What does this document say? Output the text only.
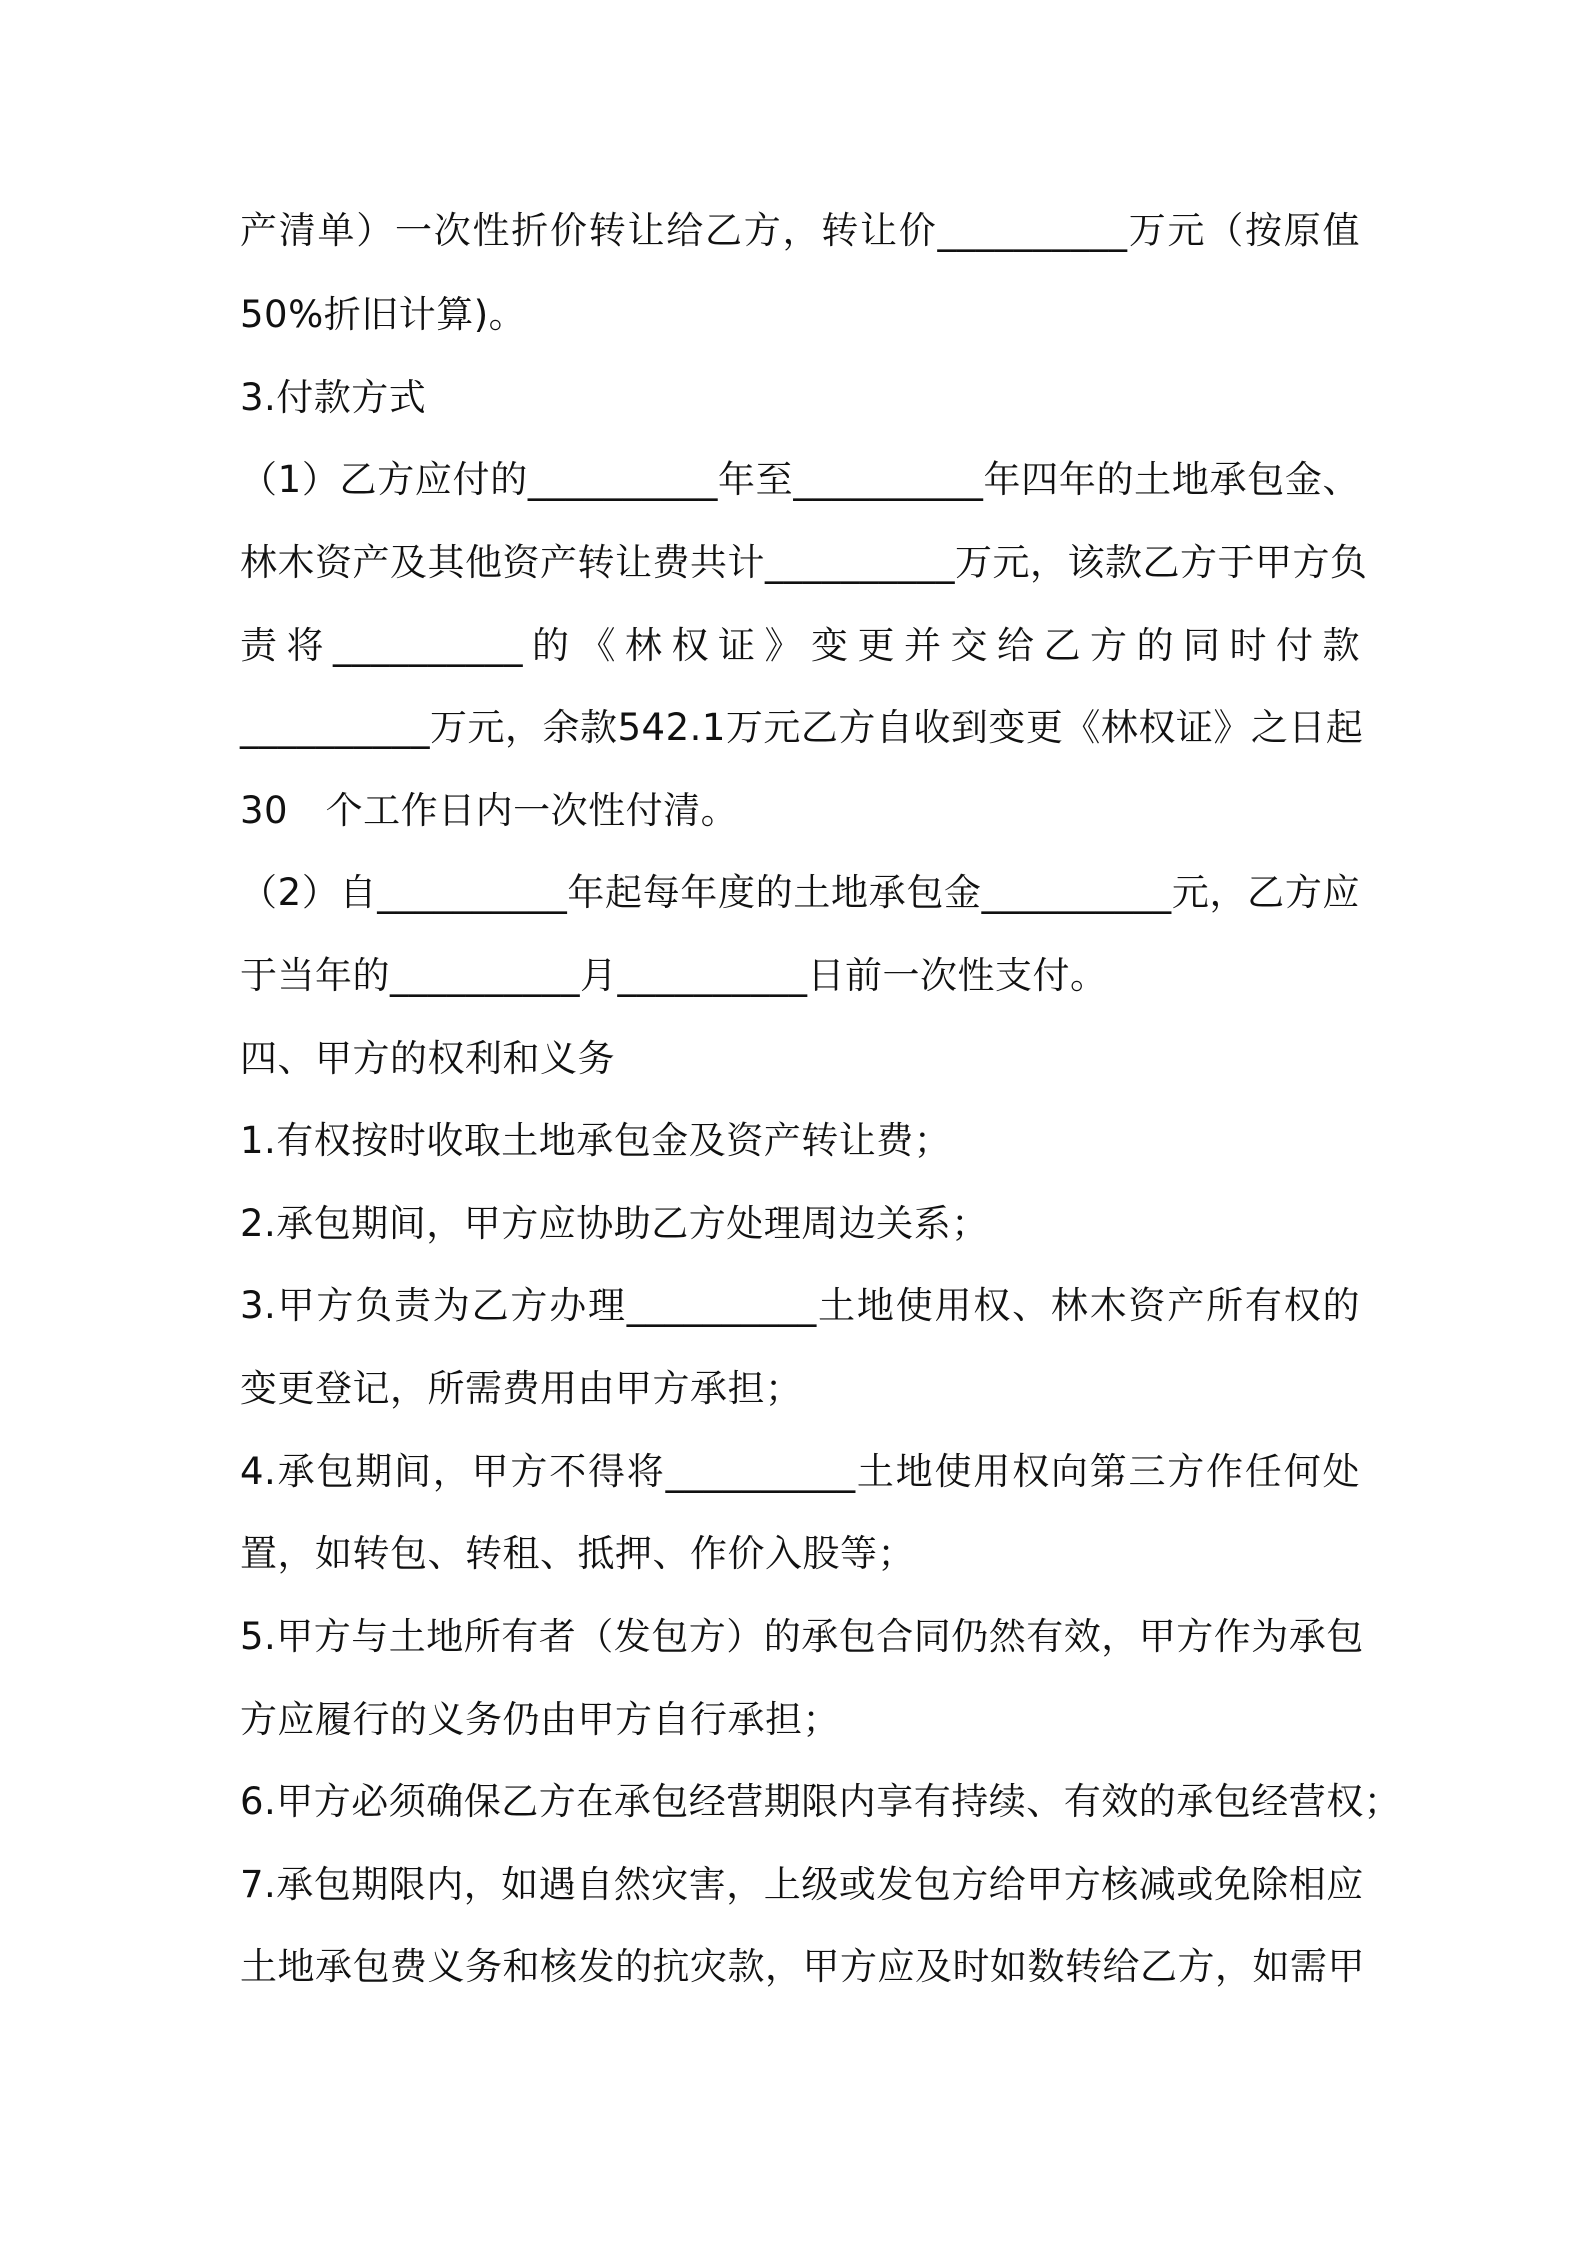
产清单）一次性折价转让给乙方，转让价__________万元（按原值
50%折旧计算)。
3.付款方式
（1）乙方应付的__________年至__________年四年的土地承包金、
林木资产及其他资产转让费共计__________万元，该款乙方于甲方负
责将__________的《林权证》变更并交给乙方的同时付款
__________万元，余款542.1万元乙方自收到变更《林权证》之日起
30　个工作日内一次性付清。
（2）自__________年起每年度的土地承包金__________元，乙方应
于当年的__________月__________日前一次性支付。
四、甲方的权利和义务
1.有权按时收取土地承包金及资产转让费；
2.承包期间，甲方应协助乙方处理周边关系；
3.甲方负责为乙方办理__________土地使用权、林木资产所有权的
变更登记，所需费用由甲方承担；
4.承包期间，甲方不得将__________土地使用权向第三方作任何处
置，如转包、转租、抵押、作价入股等；
5.甲方与土地所有者（发包方）的承包合同仍然有效，甲方作为承包
方应履行的义务仍由甲方自行承担；
6.甲方必须确保乙方在承包经营期限内享有持续、有效的承包经营权；
7.承包期限内，如遇自然灾害，上级或发包方给甲方核减或免除相应
土地承包费义务和核发的抗灾款，甲方应及时如数转给乙方，如需甲
